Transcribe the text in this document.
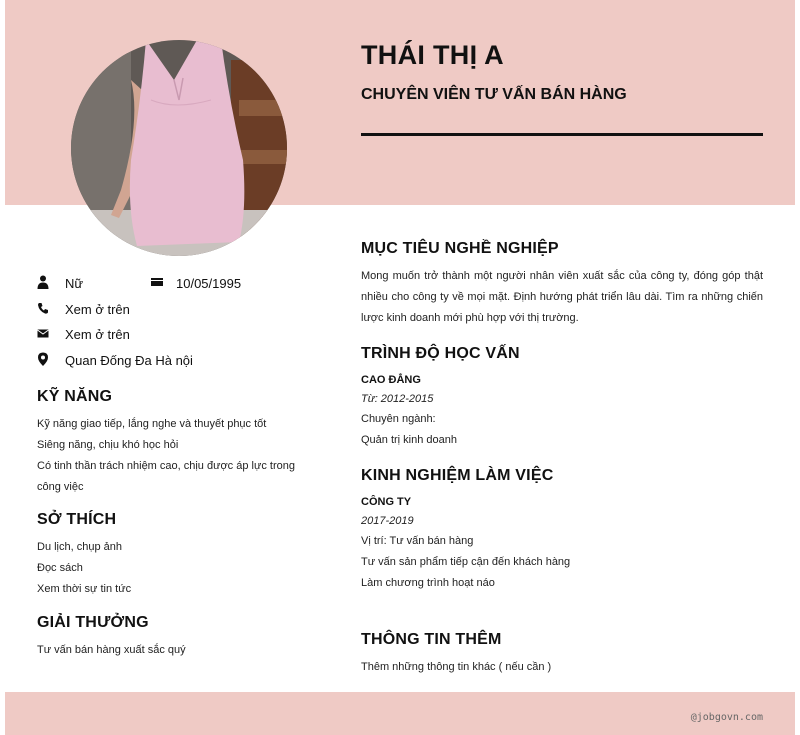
THÁI THỊ A
CHUYÊN VIÊN TƯ VẤN BÁN HÀNG
Nữ	10/05/1995
Xem ở trên
Xem ở trên
Quan Đống Đa Hà nội
KỸ NĂNG
Kỹ năng giao tiếp, lắng nghe và thuyết phục tốt
Siêng năng, chịu khó học hỏi
Có tinh thần trách nhiệm cao, chịu được áp lực trong
công việc
SỞ THÍCH
Du lịch, chụp ảnh
Đọc sách
Xem thời sự tin tức
GIẢI THƯỞNG
Tư vấn bán hàng xuất sắc quý
MỤC TIÊU NGHỀ NGHIỆP
Mong muốn trở thành một người nhân viên xuất sắc của công ty, đóng góp thật nhiều cho công ty về mọi mặt. Định hướng phát triển lâu dài. Tìm ra những chiến lược kinh doanh mới phù hợp với thị trường.
TRÌNH ĐỘ HỌC VẤN
CAO ĐẲNG
Từ: 2012-2015
Chuyên ngành:
Quản trị kinh doanh
KINH NGHIỆM LÀM VIỆC
CÔNG TY
2017-2019
Vị trí: Tư vấn bán hàng
Tư vấn sản phẩm tiếp cận đến khách hàng
Làm chương trình hoạt náo
THÔNG TIN THÊM
Thêm những thông tin khác ( nếu cần )
@jobgovn.com
